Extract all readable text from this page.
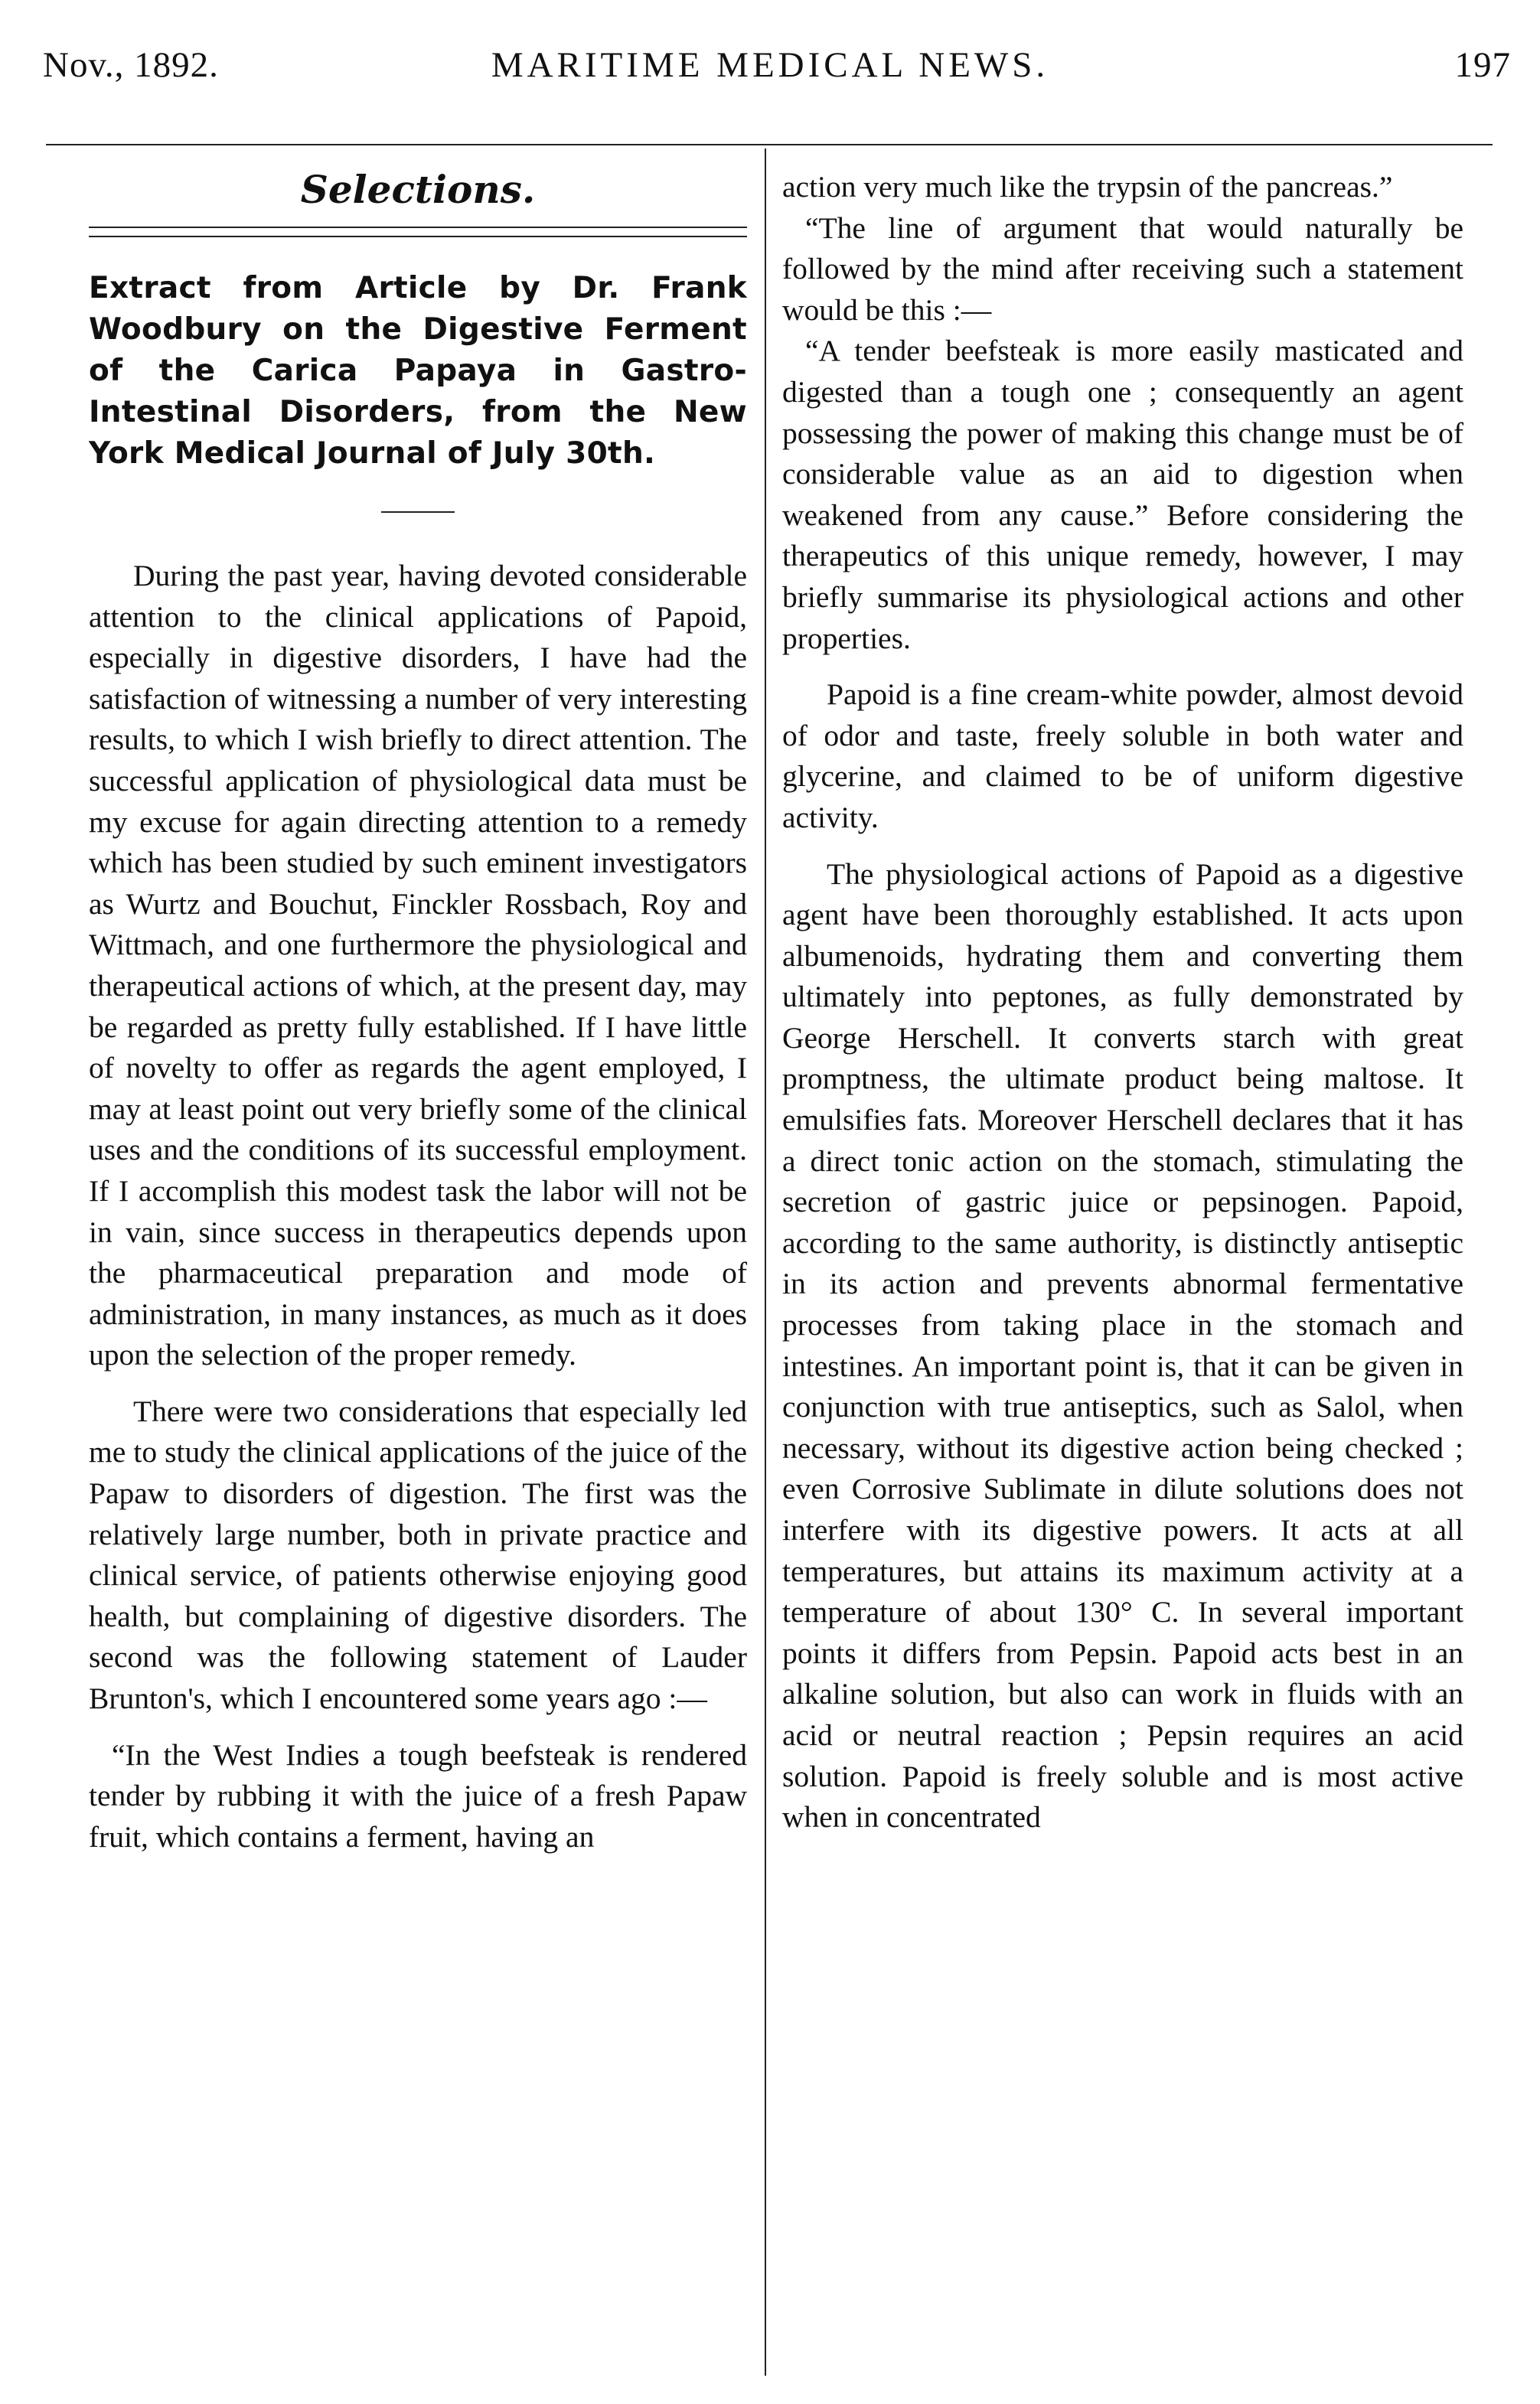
Nov., 1892.	MARITIME MEDICAL NEWS.	197
Selections.

Extract from Article by Dr. Frank Woodbury on the Digestive Ferment of the Carica Papaya in Gastro-Intestinal Disorders, from the New York Medical Journal of July 30th.

During the past year, having devoted considerable attention to the clinical applications of Papoid, especially in digestive disorders, I have had the satisfaction of witnessing a number of very interesting results, to which I wish briefly to direct attention. The successful application of physiological data must be my excuse for again directing attention to a remedy which has been studied by such eminent investigators as Wurtz and Bouchut, Finckler Rossbach, Roy and Wittmach, and one furthermore the physiological and therapeutical actions of which, at the present day, may be regarded as pretty fully established. If I have little of novelty to offer as regards the agent employed, I may at least point out very briefly some of the clinical uses and the conditions of its successful employment. If I accomplish this modest task the labor will not be in vain, since success in therapeutics depends upon the pharmaceutical preparation and mode of administration, in many instances, as much as it does upon the selection of the proper remedy.

There were two considerations that especially led me to study the clinical applications of the juice of the Papaw to disorders of digestion. The first was the relatively large number, both in private practice and clinical service, of patients otherwise enjoying good health, but complaining of digestive disorders. The second was the following statement of Lauder Brunton's, which I encountered some years ago :—

“In the West Indies a tough beefsteak is rendered tender by rubbing it with the juice of a fresh Papaw fruit, which contains a ferment, having an

action very much like the trypsin of the pancreas.”

“The line of argument that would naturally be followed by the mind after receiving such a statement would be this :—

“A tender beefsteak is more easily masticated and digested than a tough one ; consequently an agent possessing the power of making this change must be of considerable value as an aid to digestion when weakened from any cause.” Before considering the therapeutics of this unique remedy, however, I may briefly summarise its physiological actions and other properties.

Papoid is a fine cream-white powder, almost devoid of odor and taste, freely soluble in both water and glycerine, and claimed to be of uniform digestive activity.

The physiological actions of Papoid as a digestive agent have been thoroughly established. It acts upon albumenoids, hydrating them and converting them ultimately into peptones, as fully demonstrated by George Herschell. It converts starch with great promptness, the ultimate product being maltose. It emulsifies fats. Moreover Herschell declares that it has a direct tonic action on the stomach, stimulating the secretion of gastric juice or pepsinogen. Papoid, according to the same authority, is distinctly antiseptic in its action and prevents abnormal fermentative processes from taking place in the stomach and intestines. An important point is, that it can be given in conjunction with true antiseptics, such as Salol, when necessary, without its digestive action being checked ; even Corrosive Sublimate in dilute solutions does not interfere with its digestive powers. It acts at all temperatures, but attains its maximum activity at a temperature of about 130° C. In several important points it differs from Pepsin. Papoid acts best in an alkaline solution, but also can work in fluids with an acid or neutral reaction ; Pepsin requires an acid solution. Papoid is freely soluble and is most active when in concentrated
